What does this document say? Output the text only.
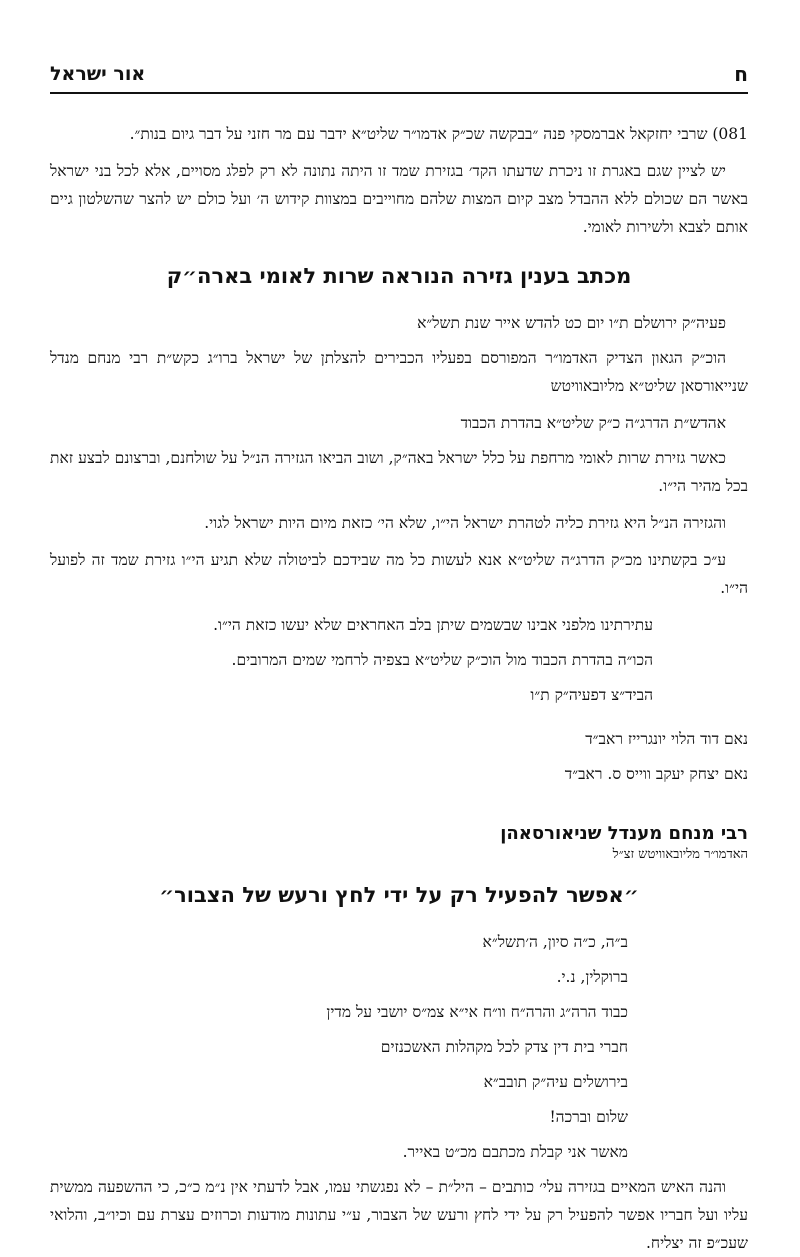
ח
אור ישראל

081) שרבי יחזקאל אברמסקי פנה ״בבקשה שכ״ק אדמו״ר שליט״א ידבר עם מר חזני על דבר גיום בנות״.

יש לציין שגם באגרת זו ניכרת שדעתו הקד׳ בגזירת שמד זו היתה נתונה לא רק לפלג מסויים, אלא לכל בני ישראל באשר הם שכולם ללא ההבדל מצב קיום המצות שלהם מחוייבים במצוות קידוש ה׳ ועל כולם יש להצר שהשלטון גיים אותם לצבא ולשירות לאומי.

מכתב בענין גזירה הנוראה שרות לאומי בארה״ק
פעיה״ק ירושלם ת״ו יום כט להדש אייר שנת תשל״א

הוכ״ק הגאון הצדיק האדמו״ר המפורסם בפעליו הכבירים להצלתן של ישראל ברו״ג כקש״ת רבי מנחם מנדל שנייאורסאן שליט״א מליובאוויטש

אהדש״ת הדרג״ה כ״ק שליט״א בהדרת הכבוד

כאשר גזירת שרות לאומי מרחפת על כלל ישראל באה״ק, ושוב הביאו הגזירה הנ״ל על שולחנם, וברצונם לבצע זאת בכל מהיר הי״ו.

והגזירה הנ״ל היא גזירת כליה לטהרת ישראל הי״ו, שלא הי׳ כזאת מיום היות ישראל לגוי.

ע״כ בקשתינו מכ״ק הדרג״ה שליט״א אנא לעשות כל מה שבידכם לביטולה שלא תגיע הי״ו גזירת שמד זה לפועל הי״ו.

עתירתינו מלפני אבינו שבשמים שיתן בלב האחראים שלא יעשו כזאת הי״ו.
הכו״ה בהדרת הכבוד מול הוכ״ק שליט״א בצפיה לרחמי שמים המרובים.
הביד״צ דפעיה״ק ת״ו
נאם דוד הלוי יונגרייז ראב״ד
נאם יצחק יעקב ווייס ס. ראב״ד
רבי מנחם מענדל שניאורסאהן
האדמו״ר מליובאוויטש זצ״ל
״אפשר להפעיל רק על ידי לחץ ורעש של הצבור״
ב״ה, כ״ה סיון, ה׳תשל״א
ברוקלין, נ.י.
כבוד הרה״ג והרה״ח וו״ח אי״א צמ״ס יושבי על מדין
חברי בית דין צדק לכל מקהלות האשכנזים
בירושלים עיה״ק תובב״א
שלום וברכה!
מאשר אני קבלת מכתבם מכ״ט באייר.

והנה האיש המאיים בגזירה עלי׳ כותבים – היל״ת – לא נפגשתי עמו, אבל לדעתי אין נ״מ כ״כ, כי ההשפעה ממשית עליו ועל חבריו אפשר להפעיל רק על ידי לחץ ורעש של הצבור, ע״י עתונות מודעות וכרוזים עצרת עם וכיו״ב, והלואי שעכ״פ זה יצליח.
